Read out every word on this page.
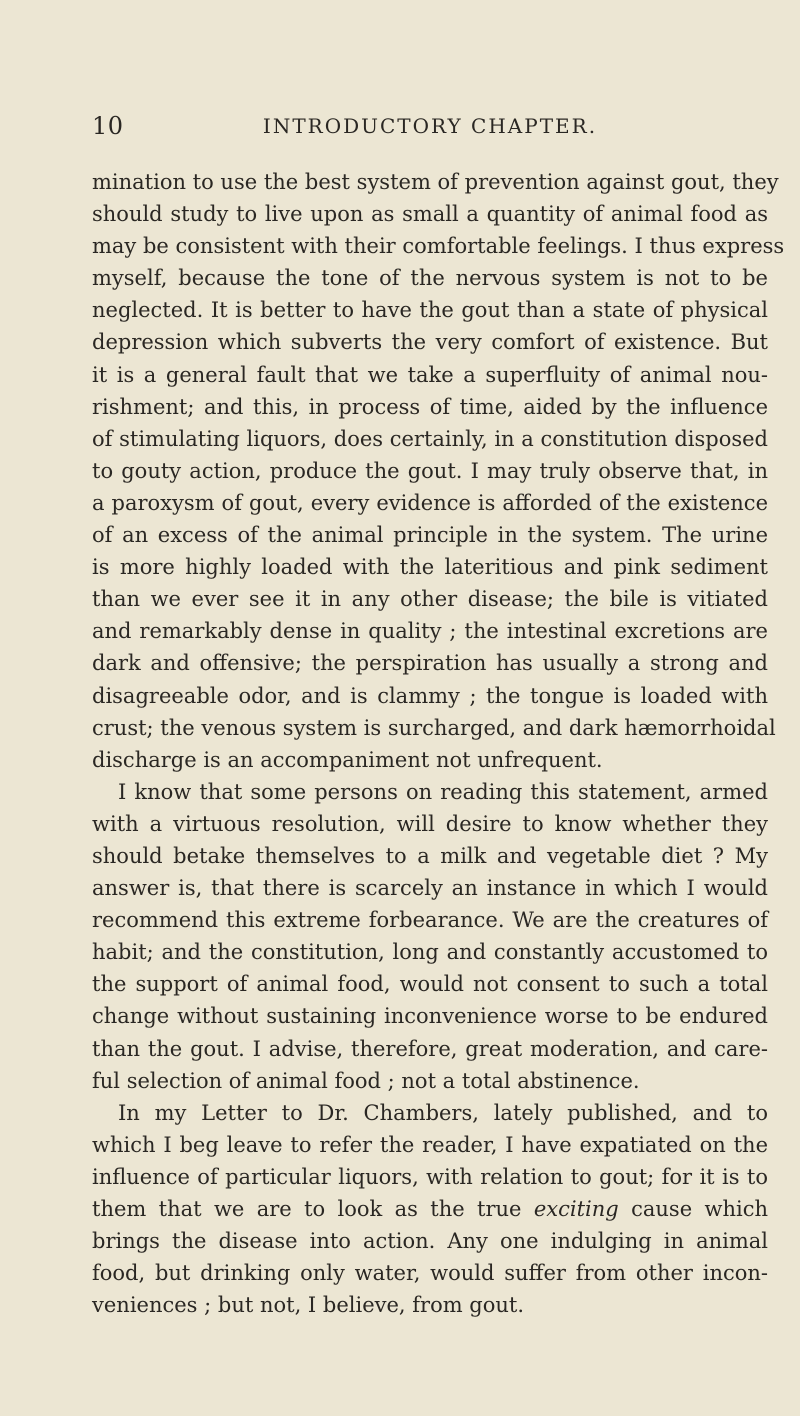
10	INTRODUCTORY CHAPTER.
mination to use the best system of prevention against gout, they
should study to live upon as small a quantity of animal food as
may be consistent with their comfortable feelings. I thus express
myself, because the tone of the nervous system is not to be
neglected. It is better to have the gout than a state of physical
depression which subverts the very comfort of existence. But
it is a general fault that we take a superfluity of animal nou-
rishment; and this, in process of time, aided by the influence
of stimulating liquors, does certainly, in a constitution disposed
to gouty action, produce the gout. I may truly observe that, in
a paroxysm of gout, every evidence is afforded of the existence
of an excess of the animal principle in the system. The urine
is more highly loaded with the lateritious and pink sediment
than we ever see it in any other disease; the bile is vitiated
and remarkably dense in quality ; the intestinal excretions are
dark and offensive; the perspiration has usually a strong and
disagreeable odor, and is clammy ; the tongue is loaded with
crust; the venous system is surcharged, and dark hæmorrhoidal
discharge is an accompaniment not unfrequent.
I know that some persons on reading this statement, armed
with a virtuous resolution, will desire to know whether they
should betake themselves to a milk and vegetable diet ? My
answer is, that there is scarcely an instance in which I would
recommend this extreme forbearance. We are the creatures of
habit; and the constitution, long and constantly accustomed to
the support of animal food, would not consent to such a total
change without sustaining inconvenience worse to be endured
than the gout. I advise, therefore, great moderation, and care-
ful selection of animal food ; not a total abstinence.
In my Letter to Dr. Chambers, lately published, and to
which I beg leave to refer the reader, I have expatiated on the
influence of particular liquors, with relation to gout; for it is to
them that we are to look as the true exciting cause which
brings the disease into action. Any one indulging in animal
food, but drinking only water, would suffer from other incon-
veniences ; but not, I believe, from gout.
